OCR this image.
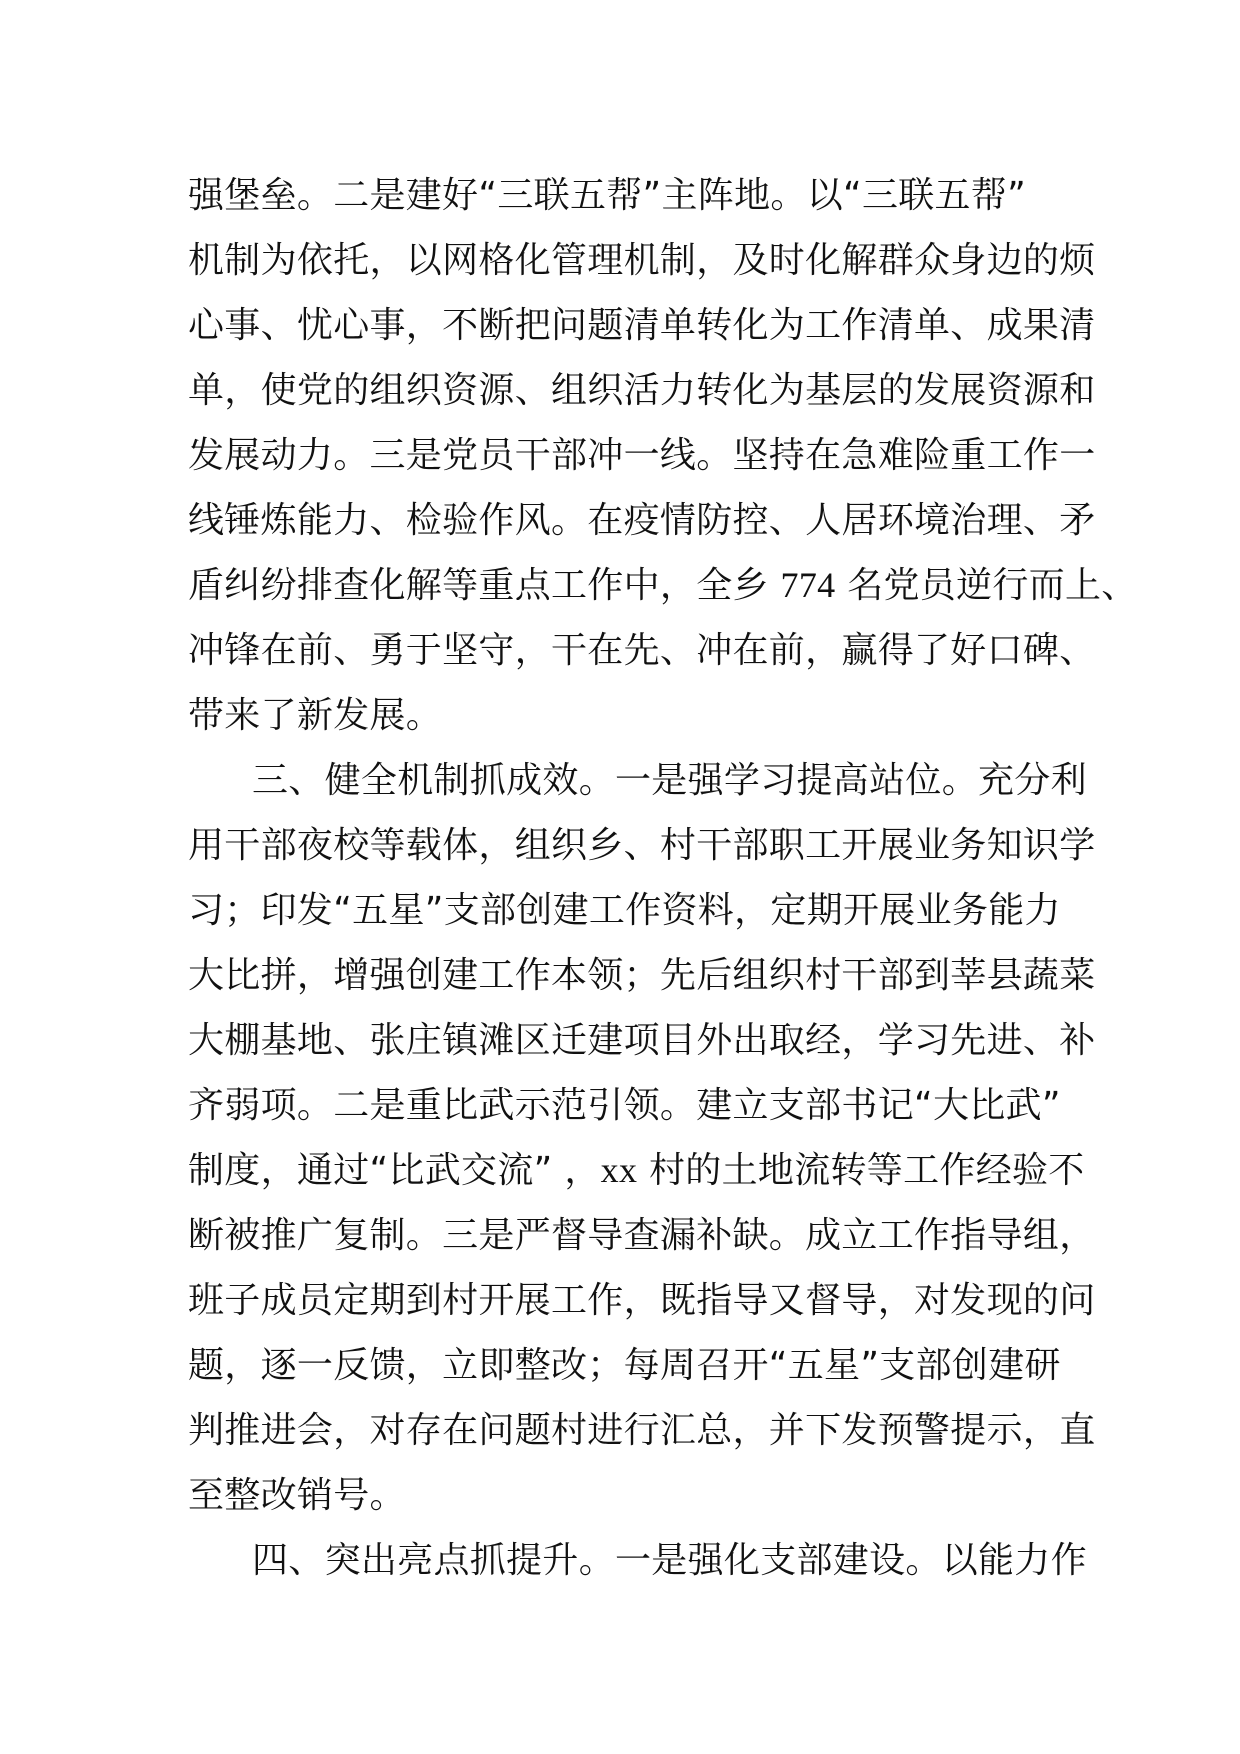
强堡垒。二是建好“三联五帮”主阵地。以“三联五帮”
机制为依托，以网格化管理机制，及时化解群众身边的烦
心事、忧心事，不断把问题清单转化为工作清单、成果清
单，使党的组织资源、组织活力转化为基层的发展资源和
发展动力。三是党员干部冲一线。坚持在急难险重工作一
线锤炼能力、检验作风。在疫情防控、人居环境治理、矛
盾纠纷排查化解等重点工作中，全乡 774 名党员逆行而上、
冲锋在前、勇于坚守，干在先、冲在前，赢得了好口碑、
带来了新发展。
三、健全机制抓成效。一是强学习提高站位。充分利
用干部夜校等载体，组织乡、村干部职工开展业务知识学
习；印发“五星”支部创建工作资料，定期开展业务能力
大比拼，增强创建工作本领；先后组织村干部到莘县蔬菜
大棚基地、张庄镇滩区迁建项目外出取经，学习先进、补
齐弱项。二是重比武示范引领。建立支部书记“大比武”
制度，通过“比武交流” ，xx 村的土地流转等工作经验不
断被推广复制。三是严督导查漏补缺。成立工作指导组，
班子成员定期到村开展工作，既指导又督导，对发现的问
题，逐一反馈，立即整改；每周召开“五星”支部创建研
判推进会，对存在问题村进行汇总，并下发预警提示，直
至整改销号。
四、突出亮点抓提升。一是强化支部建设。以能力作
